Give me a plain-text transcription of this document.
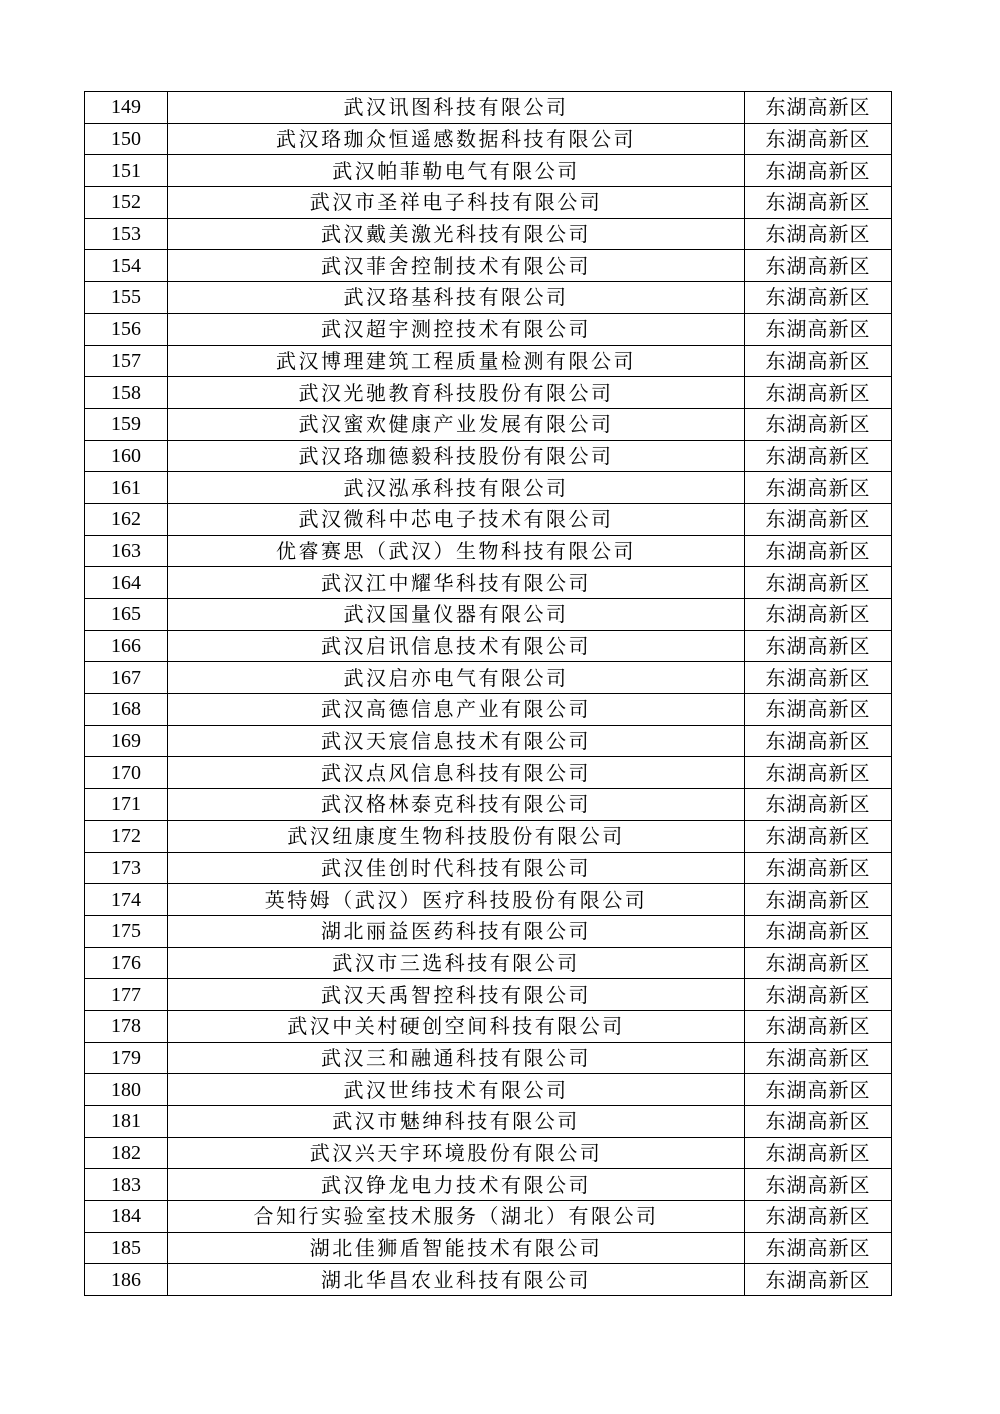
149	武汉讯图科技有限公司	东湖高新区
150	武汉珞珈众恒遥感数据科技有限公司	东湖高新区
151	武汉帕菲勒电气有限公司	东湖高新区
152	武汉市圣祥电子科技有限公司	东湖高新区
153	武汉戴美激光科技有限公司	东湖高新区
154	武汉菲舍控制技术有限公司	东湖高新区
155	武汉珞基科技有限公司	东湖高新区
156	武汉超宇测控技术有限公司	东湖高新区
157	武汉博理建筑工程质量检测有限公司	东湖高新区
158	武汉光驰教育科技股份有限公司	东湖高新区
159	武汉蜜欢健康产业发展有限公司	东湖高新区
160	武汉珞珈德毅科技股份有限公司	东湖高新区
161	武汉泓承科技有限公司	东湖高新区
162	武汉微科中芯电子技术有限公司	东湖高新区
163	优睿赛思（武汉）生物科技有限公司	东湖高新区
164	武汉江中耀华科技有限公司	东湖高新区
165	武汉国量仪器有限公司	东湖高新区
166	武汉启讯信息技术有限公司	东湖高新区
167	武汉启亦电气有限公司	东湖高新区
168	武汉高德信息产业有限公司	东湖高新区
169	武汉天宸信息技术有限公司	东湖高新区
170	武汉点风信息科技有限公司	东湖高新区
171	武汉格林泰克科技有限公司	东湖高新区
172	武汉纽康度生物科技股份有限公司	东湖高新区
173	武汉佳创时代科技有限公司	东湖高新区
174	英特姆（武汉）医疗科技股份有限公司	东湖高新区
175	湖北丽益医药科技有限公司	东湖高新区
176	武汉市三选科技有限公司	东湖高新区
177	武汉天禹智控科技有限公司	东湖高新区
178	武汉中关村硬创空间科技有限公司	东湖高新区
179	武汉三和融通科技有限公司	东湖高新区
180	武汉世纬技术有限公司	东湖高新区
181	武汉市魅绅科技有限公司	东湖高新区
182	武汉兴天宇环境股份有限公司	东湖高新区
183	武汉铮龙电力技术有限公司	东湖高新区
184	合知行实验室技术服务（湖北）有限公司	东湖高新区
185	湖北佳狮盾智能技术有限公司	东湖高新区
186	湖北华昌农业科技有限公司	东湖高新区
